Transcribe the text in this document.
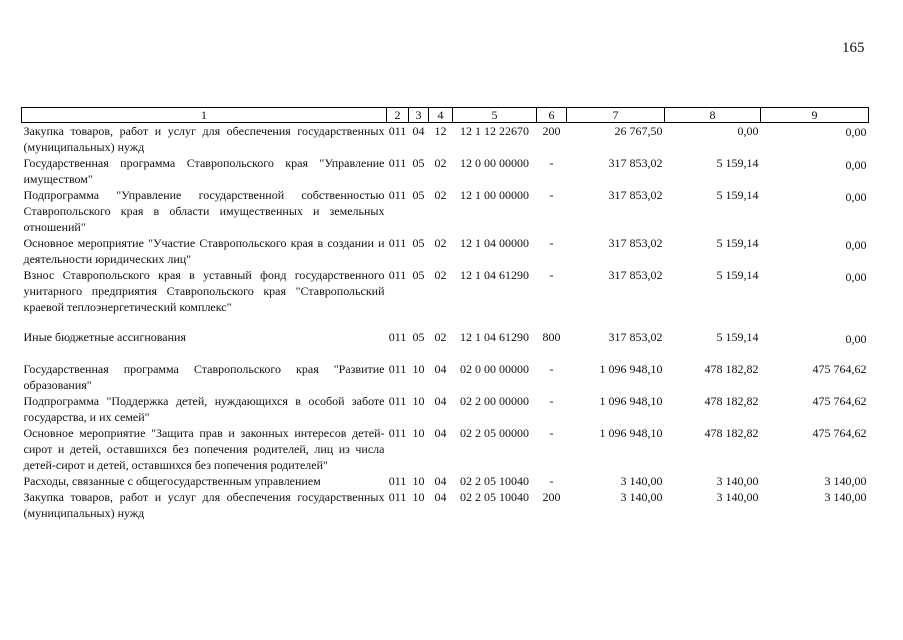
165
1	2	3	4	5	6	7	8	9
Закупка товаров, работ и услуг для обеспечения государственных (муниципальных) нужд	011	04	12	12 1 12 22670	200	26 767,50	0,00	0,00
Государственная программа Ставропольского края "Управление имуществом"	011	05	02	12 0 00 00000	-	317 853,02	5 159,14	0,00
Подпрограмма "Управление государственной собственностью Ставропольского края в области имущественных и земельных отношений"	011	05	02	12 1 00 00000	-	317 853,02	5 159,14	0,00
Основное мероприятие "Участие Ставропольского края в создании и деятельности юридических лиц"	011	05	02	12 1 04 00000	-	317 853,02	5 159,14	0,00
Взнос Ставропольского края в уставный фонд государственного унитарного предприятия Ставропольского края "Ставропольский краевой теплоэнергетический комплекс"	011	05	02	12 1 04 61290	-	317 853,02	5 159,14	0,00
Иные бюджетные ассигнования	011	05	02	12 1 04 61290	800	317 853,02	5 159,14	0,00
Государственная программа Ставропольского края "Развитие образования"	011	10	04	02 0 00 00000	-	1 096 948,10	478 182,82	475 764,62
Подпрограмма "Поддержка детей, нуждающихся в особой заботе государства, и их семей"	011	10	04	02 2 00 00000	-	1 096 948,10	478 182,82	475 764,62
Основное мероприятие "Защита прав и законных интересов детей-сирот и детей, оставшихся без попечения родителей, лиц из числа детей-сирот и детей, оставшихся без попечения родителей"	011	10	04	02 2 05 00000	-	1 096 948,10	478 182,82	475 764,62
Расходы, связанные с общегосударственным управлением	011	10	04	02 2 05 10040	-	3 140,00	3 140,00	3 140,00
Закупка товаров, работ и услуг для обеспечения государственных (муниципальных) нужд	011	10	04	02 2 05 10040	200	3 140,00	3 140,00	3 140,00
